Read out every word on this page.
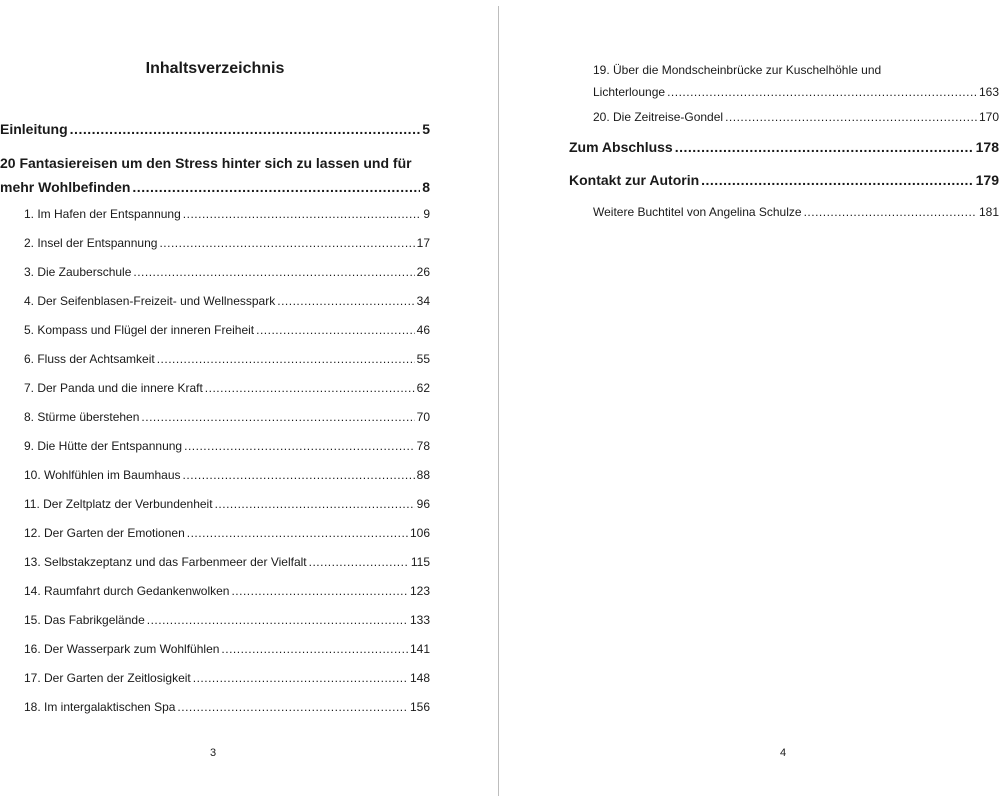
Inhaltsverzeichnis
Einleitung .....	5
20 Fantasiereisen um den Stress hinter sich zu lassen und für
mehr Wohlbefinden .....	8
1. Im Hafen der Entspannung .....	9
2. Insel der Entspannung .....	17
3. Die Zauberschule .....	26
4. Der Seifenblasen-Freizeit- und Wellnesspark .....	34
5. Kompass und Flügel der inneren Freiheit .....	46
6. Fluss der Achtsamkeit .....	55
7. Der Panda und die innere Kraft .....	62
8. Stürme überstehen .....	70
9. Die Hütte der Entspannung .....	78
10. Wohlfühlen im Baumhaus .....	88
11. Der Zeltplatz der Verbundenheit .....	96
12. Der Garten der Emotionen .....	106
13. Selbstakzeptanz und das Farbenmeer der Vielfalt .....	115
14. Raumfahrt durch Gedankenwolken .....	123
15. Das Fabrikgelände .....	133
16. Der Wasserpark zum Wohlfühlen .....	141
17. Der Garten der Zeitlosigkeit .....	148
18. Im intergalaktischen Spa .....	156
3
19. Über die Mondscheinbrücke zur Kuschelhöhle und
Lichterlounge .....	163
20. Die Zeitreise-Gondel .....	170
Zum Abschluss .....	178
Kontakt zur Autorin .....	179
Weitere Buchtitel von Angelina Schulze .....	181
4
